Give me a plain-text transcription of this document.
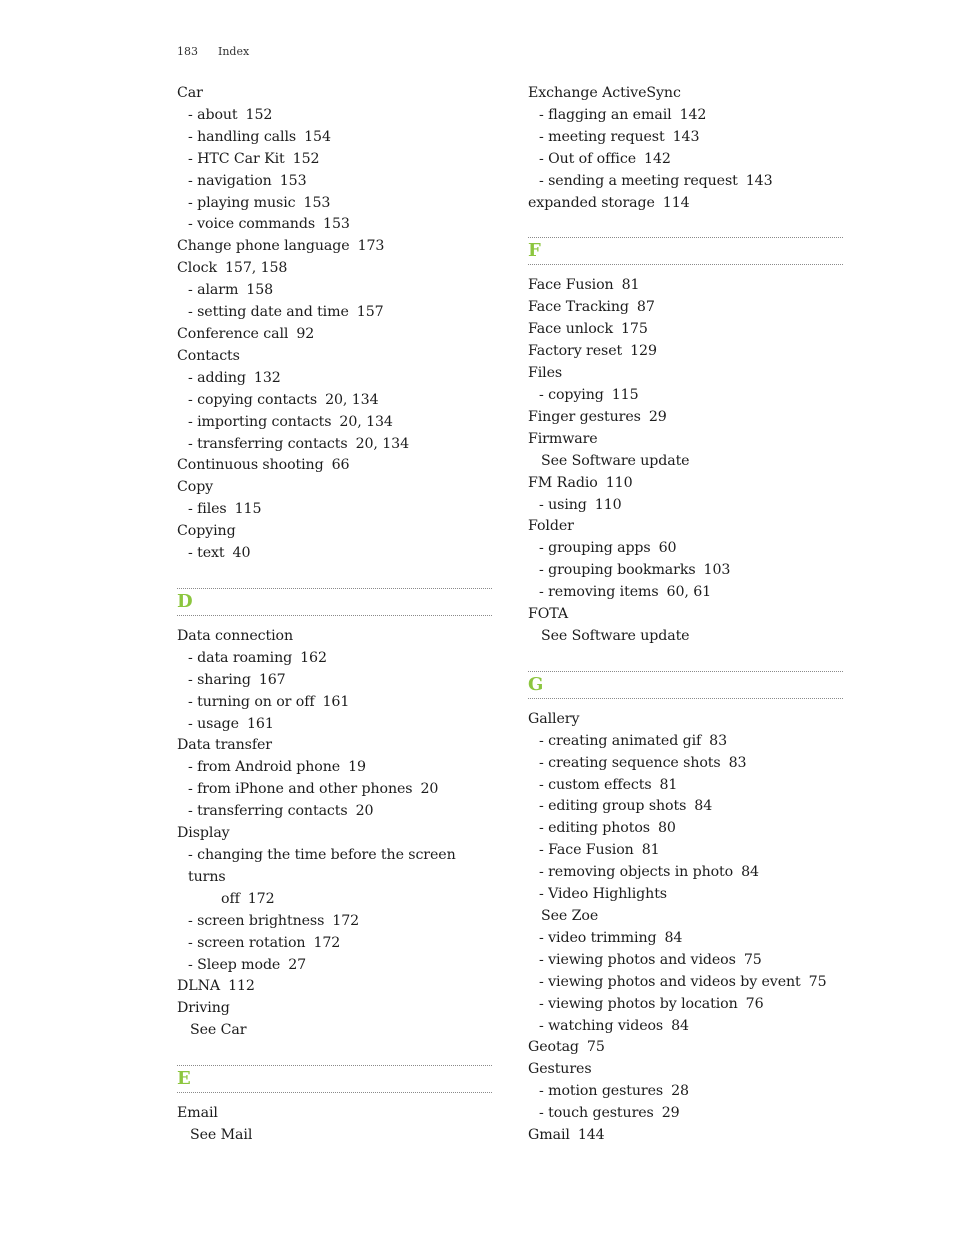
183 Index
Car
- about 152
- handling calls 154
- HTC Car Kit 152
- navigation 153
- playing music 153
- voice commands 153
Change phone language 173
Clock 157, 158
- alarm 158
- setting date and time 157
Conference call 92
Contacts
- adding 132
- copying contacts 20, 134
- importing contacts 20, 134
- transferring contacts 20, 134
Continuous shooting 66
Copy
- files 115
Copying
- text 40
D
Data connection
- data roaming 162
- sharing 167
- turning on or off 161
- usage 161
Data transfer
- from Android phone 19
- from iPhone and other phones 20
- transferring contacts 20
Display
- changing the time before the screen turns
off 172
- screen brightness 172
- screen rotation 172
- Sleep mode 27
DLNA 112
Driving
See Car
E
Email
See Mail
Exchange ActiveSync
- flagging an email 142
- meeting request 143
- Out of office 142
- sending a meeting request 143
expanded storage 114
F
Face Fusion 81
Face Tracking 87
Face unlock 175
Factory reset 129
Files
- copying 115
Finger gestures 29
Firmware
See Software update
FM Radio 110
- using 110
Folder
- grouping apps 60
- grouping bookmarks 103
- removing items 60, 61
FOTA
See Software update
G
Gallery
- creating animated gif 83
- creating sequence shots 83
- custom effects 81
- editing group shots 84
- editing photos 80
- Face Fusion 81
- removing objects in photo 84
- Video Highlights
See Zoe
- video trimming 84
- viewing photos and videos 75
- viewing photos and videos by event 75
- viewing photos by location 76
- watching videos 84
Geotag 75
Gestures
- motion gestures 28
- touch gestures 29
Gmail 144
